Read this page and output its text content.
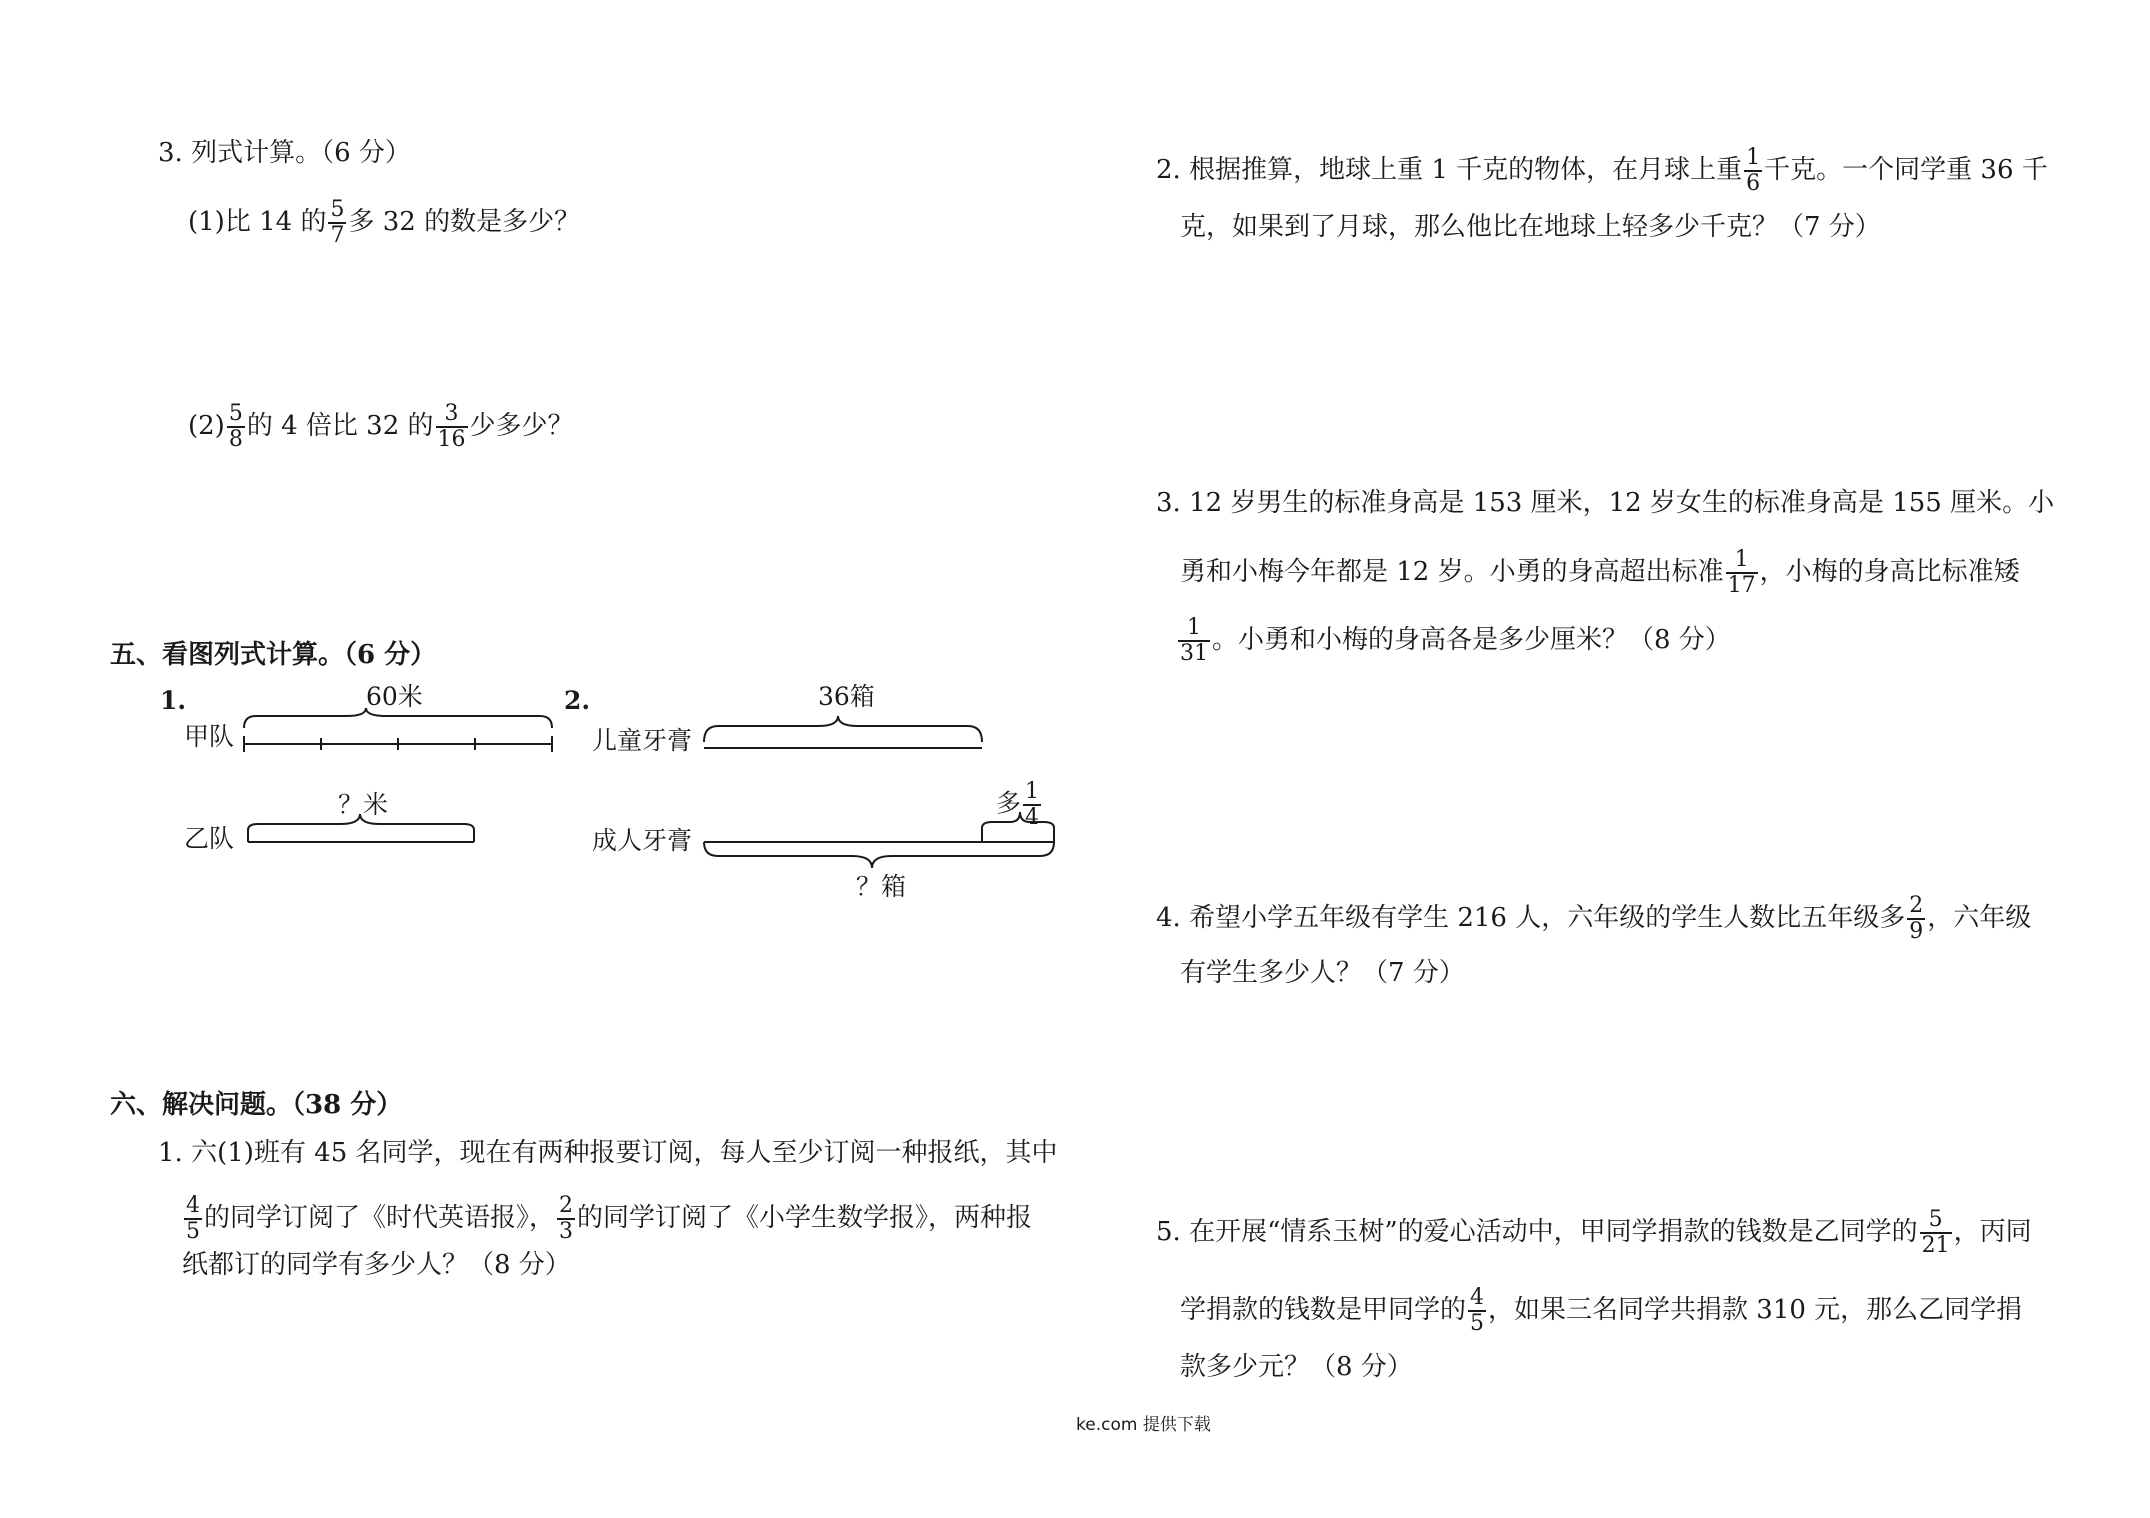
3. 列式计算。（6 分）
(1)比 14 的 $\frac{5}{7}$ 多 32 的数是多少？
$(2) \frac{5}{8}$ 的 4 倍比 32 的 $\frac{3}{16}$ 少多少？
五、看图列式计算。（6 分）
1.	60米
甲队
？米
乙队
2.	36箱
儿童牙膏
多 $\frac{1}{4}$
成人牙膏
？箱
六、解决问题。（38 分）
1. 六(1)班有 45 名同学，现在有两种报要订阅，每人至少订阅一种报纸，其中
$\frac{4}{5}$ 的同学订阅了《时代英语报》， $\frac{2}{3}$ 的同学订阅了《小学生数学报》，两种报
纸都订的同学有多少人？（8 分）
2. 根据推算，地球上重 1 千克的物体，在月球上重 $\frac{1}{6}$ 千克。一个同学重 36 千
克，如果到了月球，那么他比在地球上轻多少千克？（7 分）
3. 12 岁男生的标准身高是 153 厘米，12 岁女生的标准身高是 155 厘米。小
勇和小梅今年都是 12 岁。小勇的身高超出标准 $\frac{1}{17}$ ，小梅的身高比标准矮
$\frac{1}{31}$ 。小勇和小梅的身高各是多少厘米？（8 分）
4. 希望小学五年级有学生 216 人，六年级的学生人数比五年级多 $\frac{2}{9}$ ，六年级
有学生多少人？（7 分）
5. 在开展“情系玉树”的爱心活动中，甲同学捐款的钱数是乙同学的 $\frac{5}{21}$ ，丙同
学捐款的钱数是甲同学的 $\frac{4}{5}$ ，如果三名同学共捐款 310 元，那么乙同学捐
款多少元？（8 分）
ke.com 提供下载
